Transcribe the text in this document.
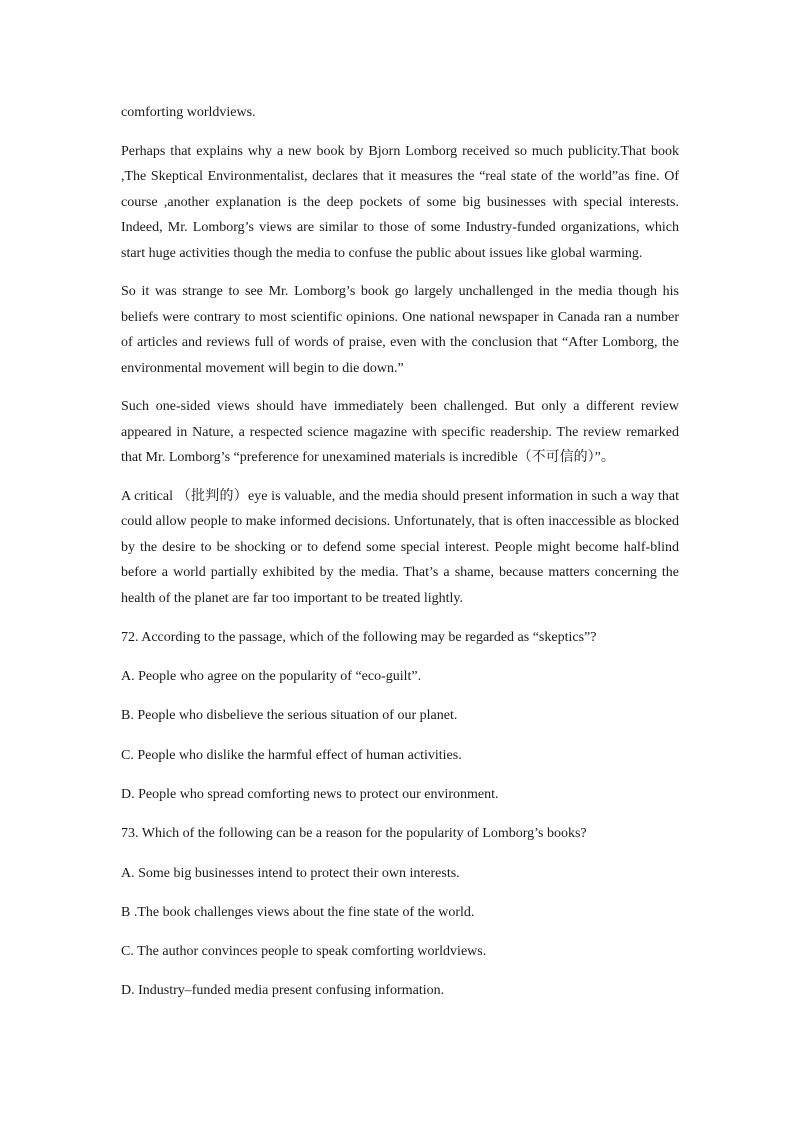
comforting worldviews.

Perhaps that explains why a new book by Bjorn Lomborg received so much publicity.That book ,The Skeptical Environmentalist, declares that it measures the “real state of the world”as fine. Of course ,another explanation is the deep pockets of some big businesses with special interests. Indeed, Mr. Lomborg’s views are similar to those of some Industry-funded organizations, which start huge activities though the media to confuse the public about issues like global warming.

So it was strange to see Mr. Lomborg’s book go largely unchallenged in the media though his beliefs were contrary to most scientific opinions. One national newspaper in Canada ran a number of articles and reviews full of words of praise, even with the conclusion that “After Lomborg, the environmental movement will begin to die down.”

Such one-sided views should have immediately been challenged. But only a different review appeared in Nature, a respected science magazine with specific readership. The review remarked that Mr. Lomborg’s “preference for unexamined materials is incredible（不可信的）”。

A critical （批判的）eye is valuable, and the media should present information in such a way that could allow people to make informed decisions. Unfortunately, that is often inaccessible as blocked by the desire to be shocking or to defend some special interest. People might become half-blind before a world partially exhibited by the media. That’s a shame, because matters concerning the health of the planet are far too important to be treated lightly.

72. According to the passage, which of the following may be regarded as “skeptics”?

A. People who agree on the popularity of “eco-guilt”.

B. People who disbelieve the serious situation of our planet.

C. People who dislike the harmful effect of human activities.

D. People who spread comforting news to protect our environment.

73. Which of the following can be a reason for the popularity of Lomborg’s books?

A. Some big businesses intend to protect their own interests.

B .The book challenges views about the fine state of the world.

C. The author convinces people to speak comforting worldviews.

D. Industry–funded media present confusing information.
